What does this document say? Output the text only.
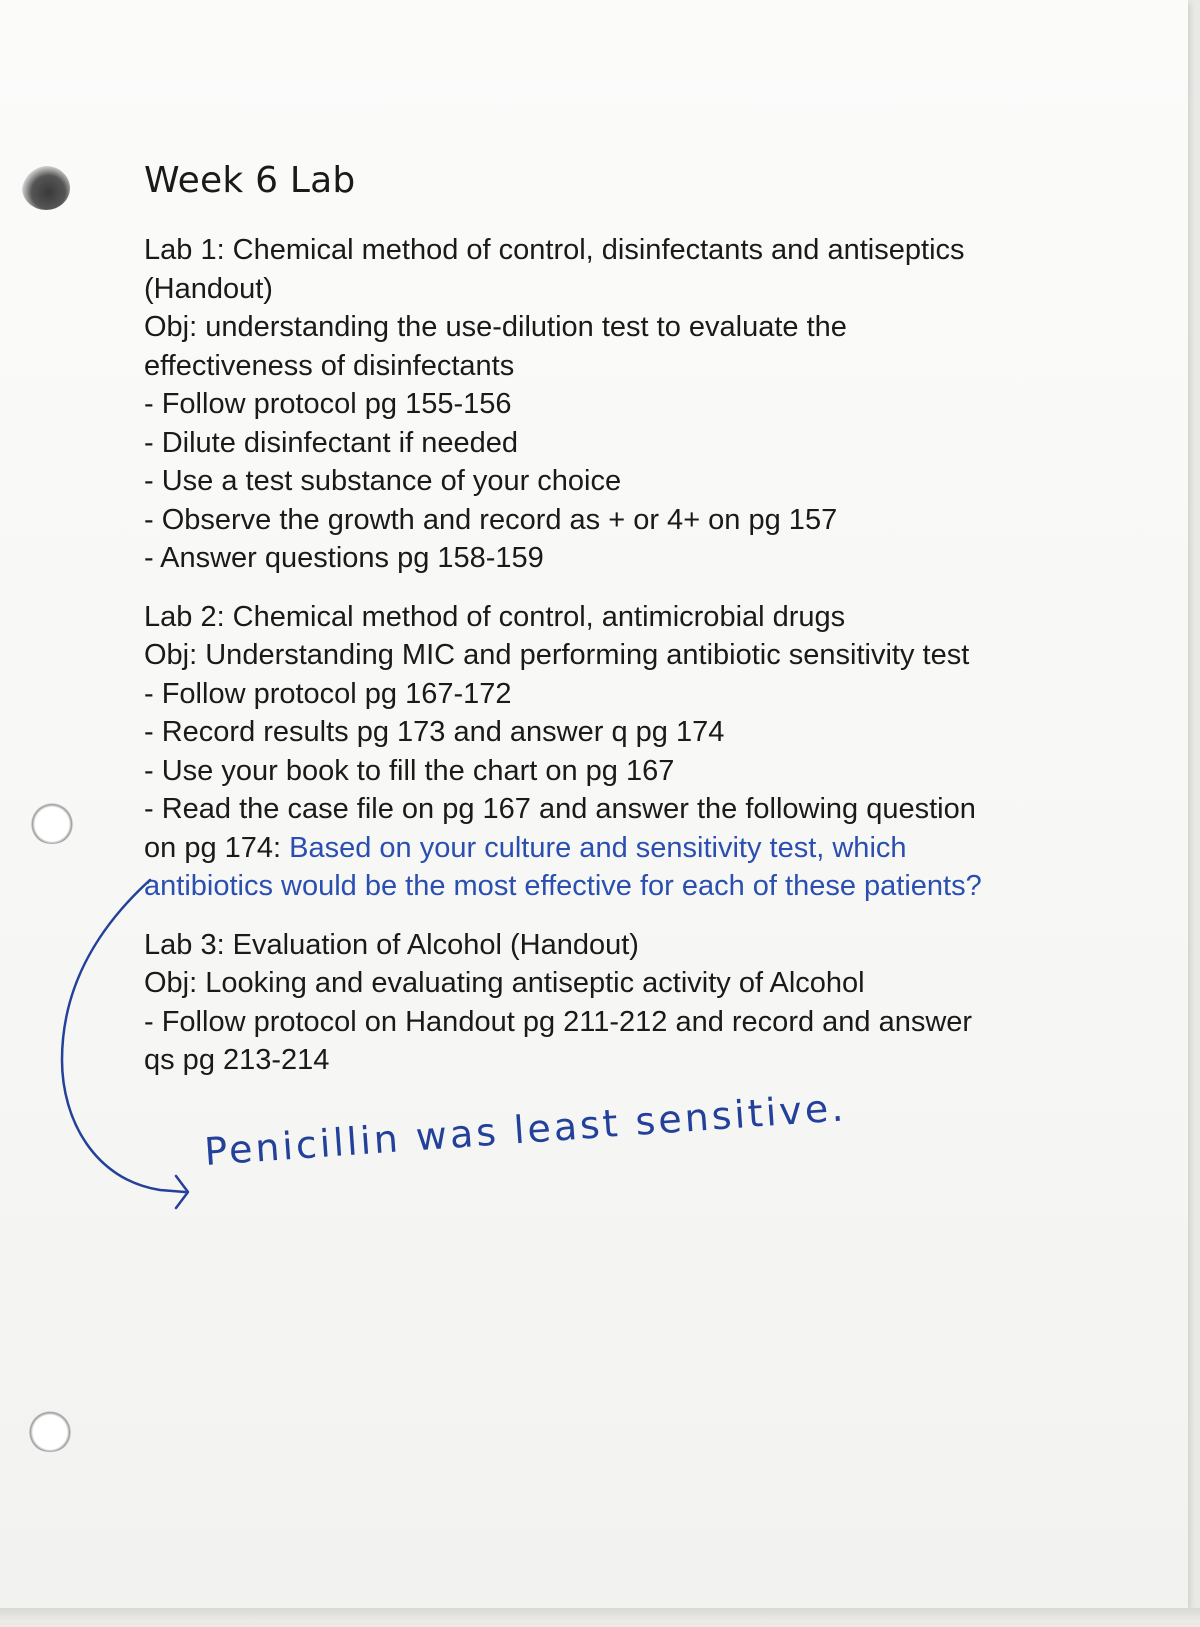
Week 6 Lab
Lab 1: Chemical method of control, disinfectants and antiseptics
(Handout)
Obj: understanding the use-dilution test to evaluate the
effectiveness of disinfectants
- Follow protocol pg 155-156
- Dilute disinfectant if needed
- Use a test substance of your choice
- Observe the growth and record as + or 4+ on pg 157
- Answer questions pg 158-159
Lab 2: Chemical method of control, antimicrobial drugs
Obj: Understanding MIC and performing antibiotic sensitivity test
- Follow protocol pg 167-172
- Record results pg 173 and answer q pg 174
- Use your book to fill the chart on pg 167
- Read the case file on pg 167 and answer the following question
on pg 174: Based on your culture and sensitivity test, which
antibiotics would be the most effective for each of these patients?
Lab 3: Evaluation of Alcohol (Handout)
Obj: Looking and evaluating antiseptic activity of Alcohol
- Follow protocol on Handout pg 211-212 and record and answer
qs pg 213-214
Penicillin was least sensitive.
